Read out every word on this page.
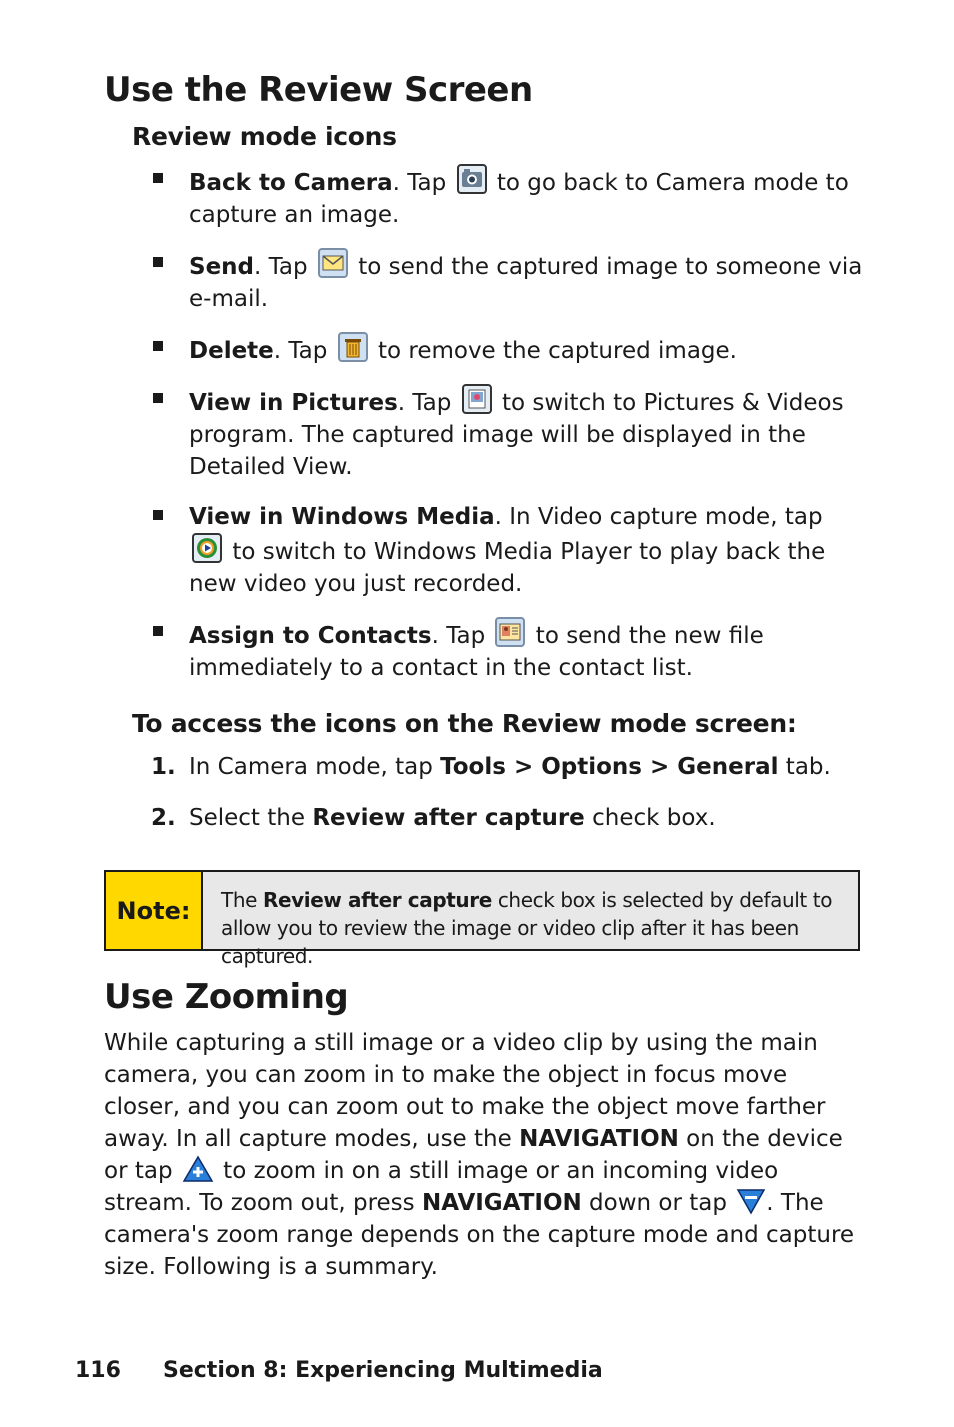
Use the Review Screen
Review mode icons
Back to Camera. Tap to go back to Camera mode to capture an image.
Send. Tap to send the captured image to someone via e-mail.
Delete. Tap to remove the captured image.
View in Pictures. Tap to switch to Pictures & Videos program. The captured image will be displayed in the Detailed View.
View in Windows Media. In Video capture mode, tap
to switch to Windows Media Player to play back the new video you just recorded.
Assign to Contacts. Tap to send the new file immediately to a contact in the contact list.
To access the icons on the Review mode screen:
1. In Camera mode, tap Tools > Options > General tab.
2. Select the Review after capture check box.
Note:	The Review after capture check box is selected by default to allow you to review the image or video clip after it has been captured.
Use Zooming
While capturing a still image or a video clip by using the main camera, you can zoom in to make the object in focus move closer, and you can zoom out to make the object move farther away. In all capture modes, use the NAVIGATION on the device or tap
to zoom in on a still image or an incoming video stream. To zoom out, press NAVIGATION down or tap
. The camera's zoom range depends on the capture mode and capture size. Following is a summary.
116 Section 8: Experiencing Multimedia
